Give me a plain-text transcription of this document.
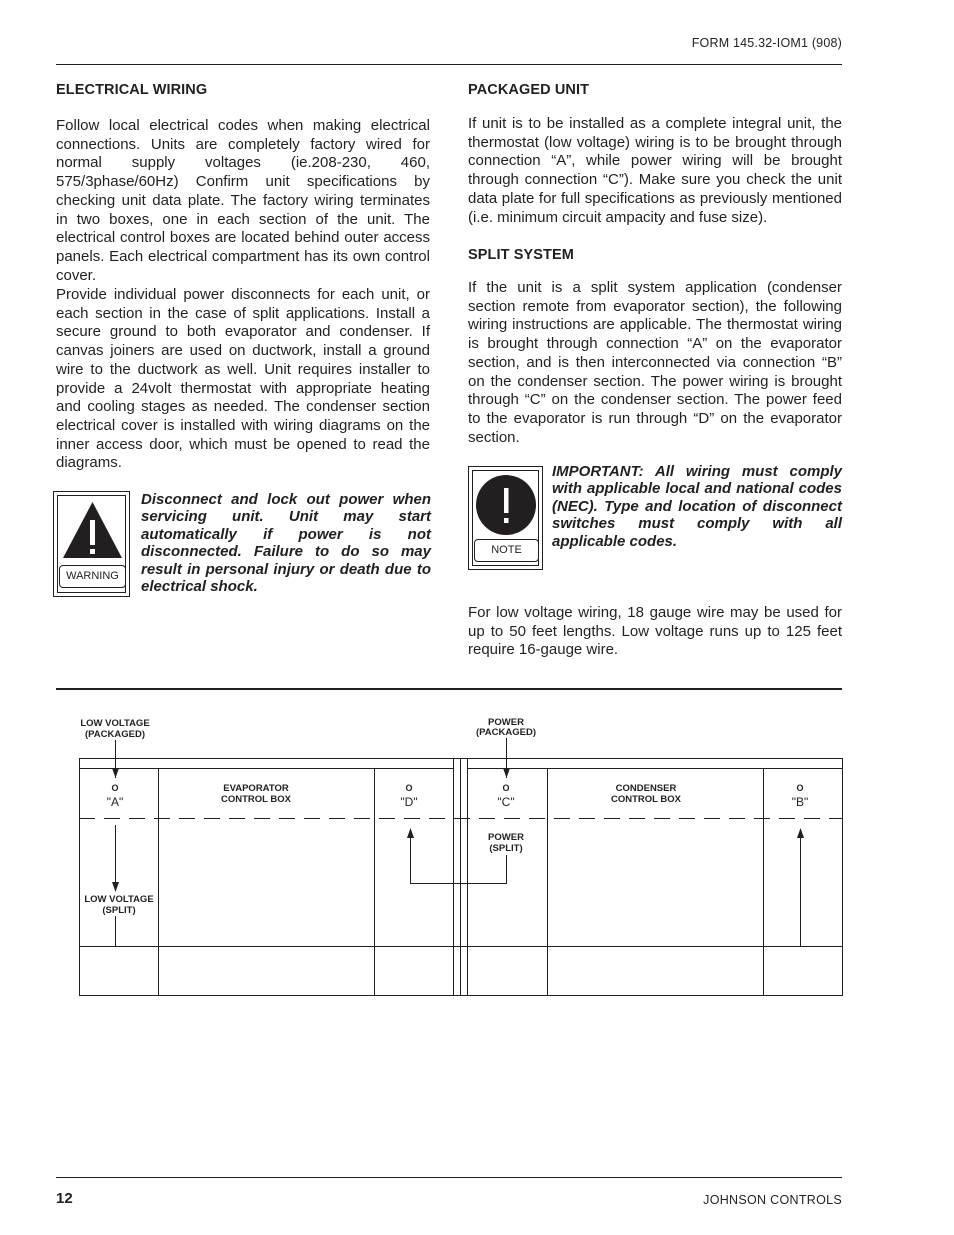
FORM 145.32-IOM1 (908)
ELECTRICAL WIRING

Follow local electrical codes when making electrical connections. Units are completely factory wired for normal supply voltages (ie.208-230, 460, 575/3phase/60Hz) Confirm unit specifications by checking unit data plate. The factory wiring terminates in two boxes, one in each section of the unit. The electrical control boxes are located behind outer access panels. Each electrical compartment has its own control cover.

Provide individual power disconnects for each unit, or each section in the case of split applications. Install a secure ground to both evaporator and condenser. If canvas joiners are used on ductwork, install a ground wire to the ductwork as well. Unit requires installer to provide a 24volt thermostat with appropriate heating and cooling stages as needed. The condenser section electrical cover is installed with wiring diagrams on the inner access door, which must be opened to read the diagrams.

WARNING

Disconnect and lock out power when servicing unit. Unit may start automatically if power is not disconnected. Failure to do so may result in personal injury or death due to electrical shock.

PACKAGED UNIT

If unit is to be installed as a complete integral unit, the thermostat (low voltage) wiring is to be brought through connection “A”, while power wiring will be brought through connection “C”). Make sure you check the unit data plate for full specifications as previously mentioned (i.e. minimum circuit ampacity and fuse size).

SPLIT SYSTEM

If the unit is a split system application (condenser section remote from evaporator section), the following wiring instructions are applicable. The thermostat wiring is brought through connection “A” on the evaporator section, and is then interconnected via connection “B” on the condenser section. The power wiring is brought through “C” on the condenser section. The power feed to the evaporator is run through “D” on the evaporator section.

NOTE

IMPORTANT: All wiring must comply with applicable local and national codes (NEC). Type and location of disconnect switches must comply with all applicable codes.

For low voltage wiring, 18 gauge wire may be used for up to 50 feet lengths. Low voltage runs up to 125 feet require 16-gauge wire.

LOW VOLTAGE
(PACKAGED)
POWER
(PACKAGED)
EVAPORATOR
CONTROL BOX
CONDENSER
CONTROL BOX
POWER
(SPLIT)
LOW VOLTAGE
(SPLIT)
O	O	O	O
"A"	"D"	"C"	"B"
12	JOHNSON CONTROLS
